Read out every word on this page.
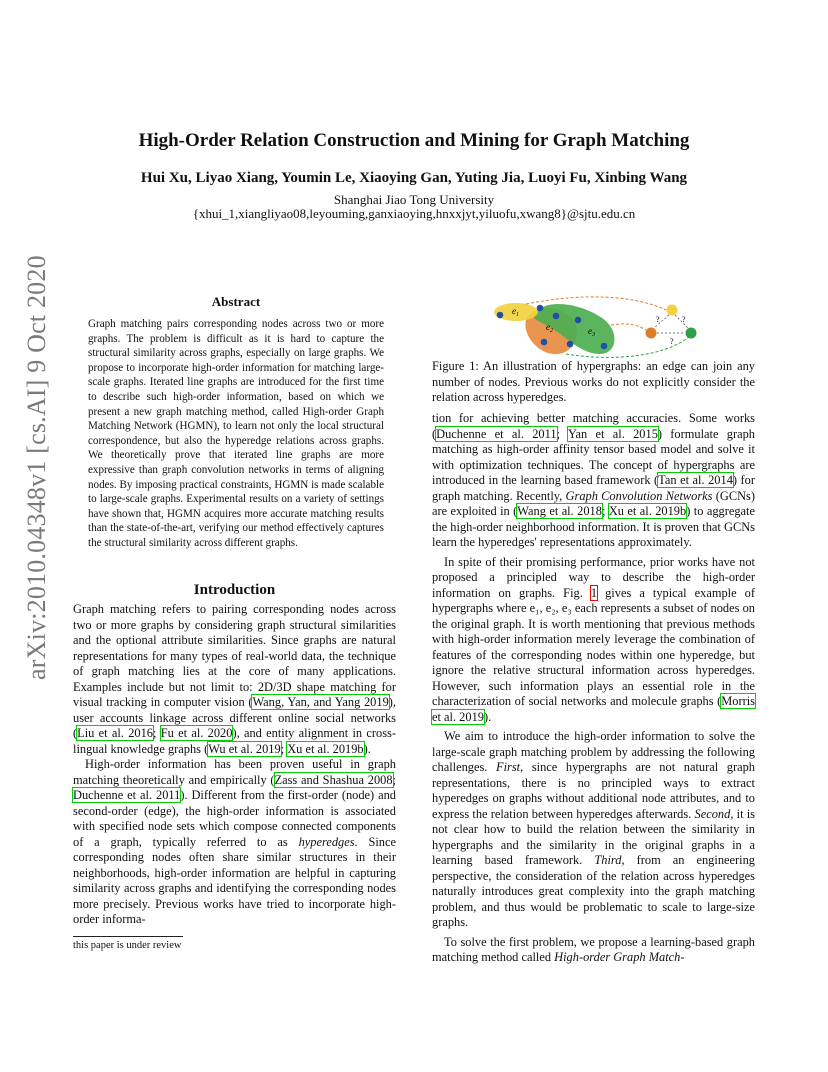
arXiv:2010.04348v1 [cs.AI] 9 Oct 2020
High-Order Relation Construction and Mining for Graph Matching
Hui Xu, Liyao Xiang, Youmin Le, Xiaoying Gan, Yuting Jia, Luoyi Fu, Xinbing Wang
Shanghai Jiao Tong University
{xhui_1,xiangliyao08,leyouming,ganxiaoying,hnxxjyt,yiluofu,xwang8}@sjtu.edu.cn
Abstract
Graph matching pairs corresponding nodes across two or more graphs. The problem is difficult as it is hard to capture the structural similarity across graphs, especially on large graphs. We propose to incorporate high-order information for matching large-scale graphs. Iterated line graphs are introduced for the first time to describe such high-order information, based on which we present a new graph matching method, called High-order Graph Matching Network (HGMN), to learn not only the local structural correspondence, but also the hyperedge relations across graphs. We theoretically prove that iterated line graphs are more expressive than graph convolution networks in terms of aligning nodes. By imposing practical constraints, HGMN is made scalable to large-scale graphs. Experimental results on a variety of settings have shown that, HGMN acquires more accurate matching results than the state-of-the-art, verifying our method effectively captures the structural similarity across different graphs.
Introduction

Graph matching refers to pairing corresponding nodes across two or more graphs by considering graph structural similarities and the optional attribute similarities. Since graphs are natural representations for many types of real-world data, the technique of graph matching lies at the core of many applications. Examples include but not limit to: 2D/3D shape matching for visual tracking in computer vision (Wang, Yan, and Yang 2019), user accounts linkage across different online social networks (Liu et al. 2016; Fu et al. 2020), and entity alignment in cross-lingual knowledge graphs (Wu et al. 2019; Xu et al. 2019b).

High-order information has been proven useful in graph matching theoretically and empirically (Zass and Shashua 2008; Duchenne et al. 2011). Different from the first-order (node) and second-order (edge), the high-order information is associated with specified node sets which compose connected components of a graph, typically referred to as hyperedges. Since corresponding nodes often share similar structures in their neighborhoods, high-order information are helpful in capturing similarity across graphs and identifying the corresponding nodes more precisely. Previous works have tried to incorporate high-order informa-

this paper is under review
$e_1$
$e_2$	$e_3$
?	?
?
Figure 1: An illustration of hypergraphs: an edge can join any number of nodes. Previous works do not explicitly consider the relation across hyperedges.

tion for achieving better matching accuracies. Some works (Duchenne et al. 2011; Yan et al. 2015) formulate graph matching as high-order affinity tensor based model and solve it with optimization techniques. The concept of hypergraphs are introduced in the learning based framework (Tan et al. 2014) for graph matching. Recently, Graph Convolution Networks (GCNs) are exploited in (Wang et al. 2018; Xu et al. 2019b) to aggregate the high-order neighborhood information. It is proven that GCNs learn the hyperedges' representations approximately.

In spite of their promising performance, prior works have not proposed a principled way to describe the high-order information on graphs. Fig. 1 gives a typical example of hypergraphs where e₁, e₂, e₃ each represents a subset of nodes on the original graph. It is worth mentioning that previous methods with high-order information merely leverage the combination of features of the corresponding nodes within one hyperedge, but ignore the relative structural information across hyperedges. However, such information plays an essential role in the characterization of social networks and molecule graphs (Morris et al. 2019).

We aim to introduce the high-order information to solve the large-scale graph matching problem by addressing the following challenges. First, since hypergraphs are not natural graph representations, there is no principled ways to extract hyperedges on graphs without additional node attributes, and to express the relation between hyperedges afterwards. Second, it is not clear how to build the relation between the similarity in hypergraphs and the similarity in the original graphs in a learning based framework. Third, from an engineering perspective, the consideration of the relation across hyperedges naturally introduces great complexity into the graph matching problem, and thus would be problematic to scale to large-size graphs.

To solve the first problem, we propose a learning-based graph matching method called High-order Graph Match-
